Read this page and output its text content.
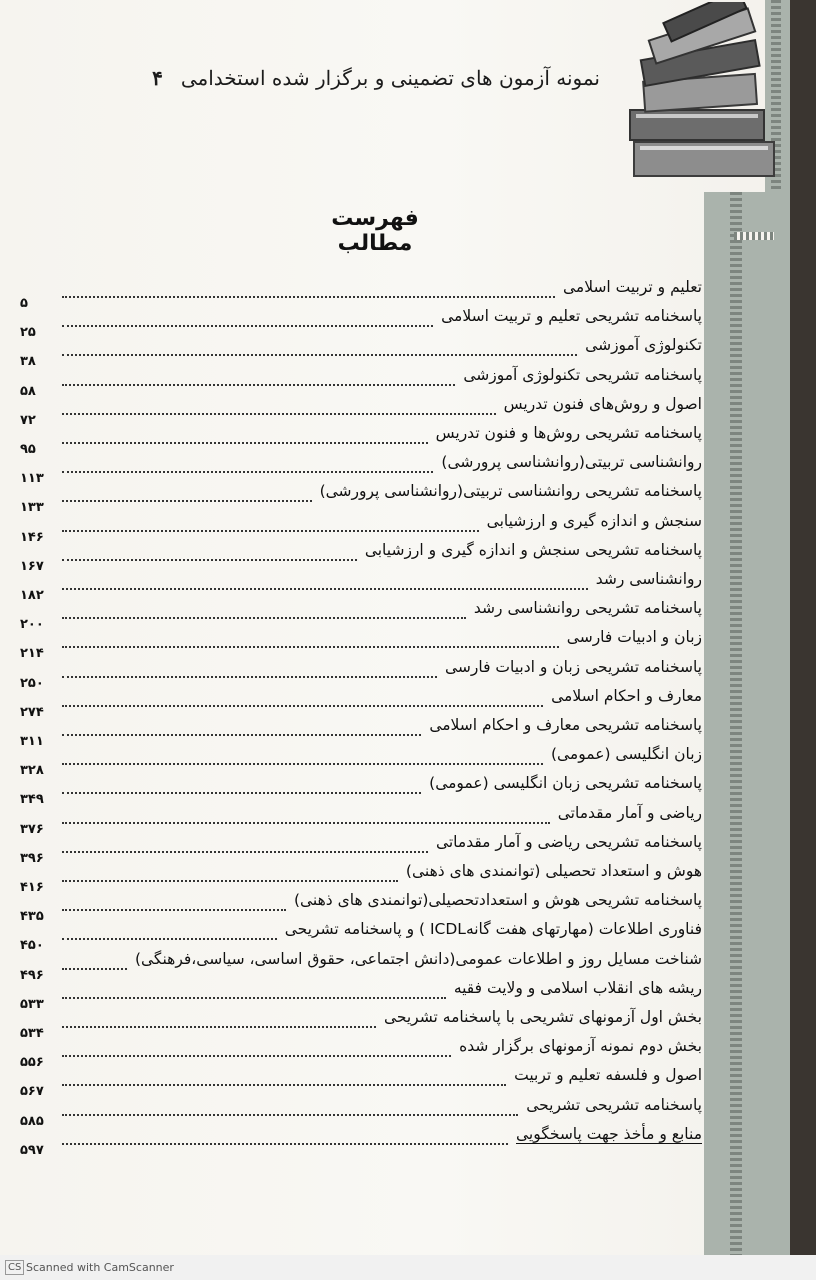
نمونه آزمون های تضمینی و برگزار شده استخدامی۴
فهرست مطالب
تعلیم و تربیت اسلامی
۵
پاسخنامه تشریحی تعلیم و تربیت اسلامی
۲۵
تکنولوژی آموزشی
۳۸
پاسخنامه تشریحی تکنولوژی آموزشی
۵۸
اصول و روش‌های فنون تدریس
۷۲
پاسخنامه تشریحی روش‌ها و فنون تدریس
۹۵
روانشناسی تربیتی(روانشناسی پرورشی)
۱۱۳
پاسخنامه تشریحی روانشناسی تربیتی(روانشناسی پرورشی)
۱۳۳
سنجش و اندازه گیری و ارزشیابی
۱۴۶
پاسخنامه تشریحی سنجش و اندازه گیری و ارزشیابی
۱۶۷
روانشناسی رشد
۱۸۲
پاسخنامه تشریحی روانشناسی رشد
۲۰۰
زبان و ادبیات فارسی
۲۱۴
پاسخنامه تشریحی زبان و ادبیات فارسی
۲۵۰
معارف و احکام اسلامی
۲۷۴
پاسخنامه تشریحی معارف و احکام اسلامی
۳۱۱
زبان انگلیسی (عمومی)
۳۲۸
پاسخنامه تشریحی زبان انگلیسی (عمومی)
۳۴۹
ریاضی و آمار مقدماتی
۳۷۶
پاسخنامه تشریحی ریاضی و آمار مقدماتی
۳۹۶
هوش و استعداد تحصیلی (توانمندی های ذهنی)
۴۱۶
پاسخنامه تشریحی هوش و استعدادتحصیلی(توانمندی های ذهنی)
۴۳۵
فناوری اطلاعات (مهارتهای هفت گانهICDL ) و پاسخنامه تشریحی
۴۵۰
شناخت مسایل روز و اطلاعات عمومی(دانش اجتماعی، حقوق اساسی، سیاسی،فرهنگی)
۴۹۶
ریشه های انقلاب اسلامی و ولایت فقیه
۵۳۳
بخش اول آزمونهای تشریحی با پاسخنامه تشریحی
۵۳۴
بخش دوم نمونه آزمونهای برگزار شده
۵۵۶
اصول و فلسفه تعلیم و تربیت
۵۶۷
پاسخنامه تشریحی تشریحی
۵۸۵
منابع و مأخذ جهت پاسخگویی
۵۹۷
CS Scanned with CamScanner
